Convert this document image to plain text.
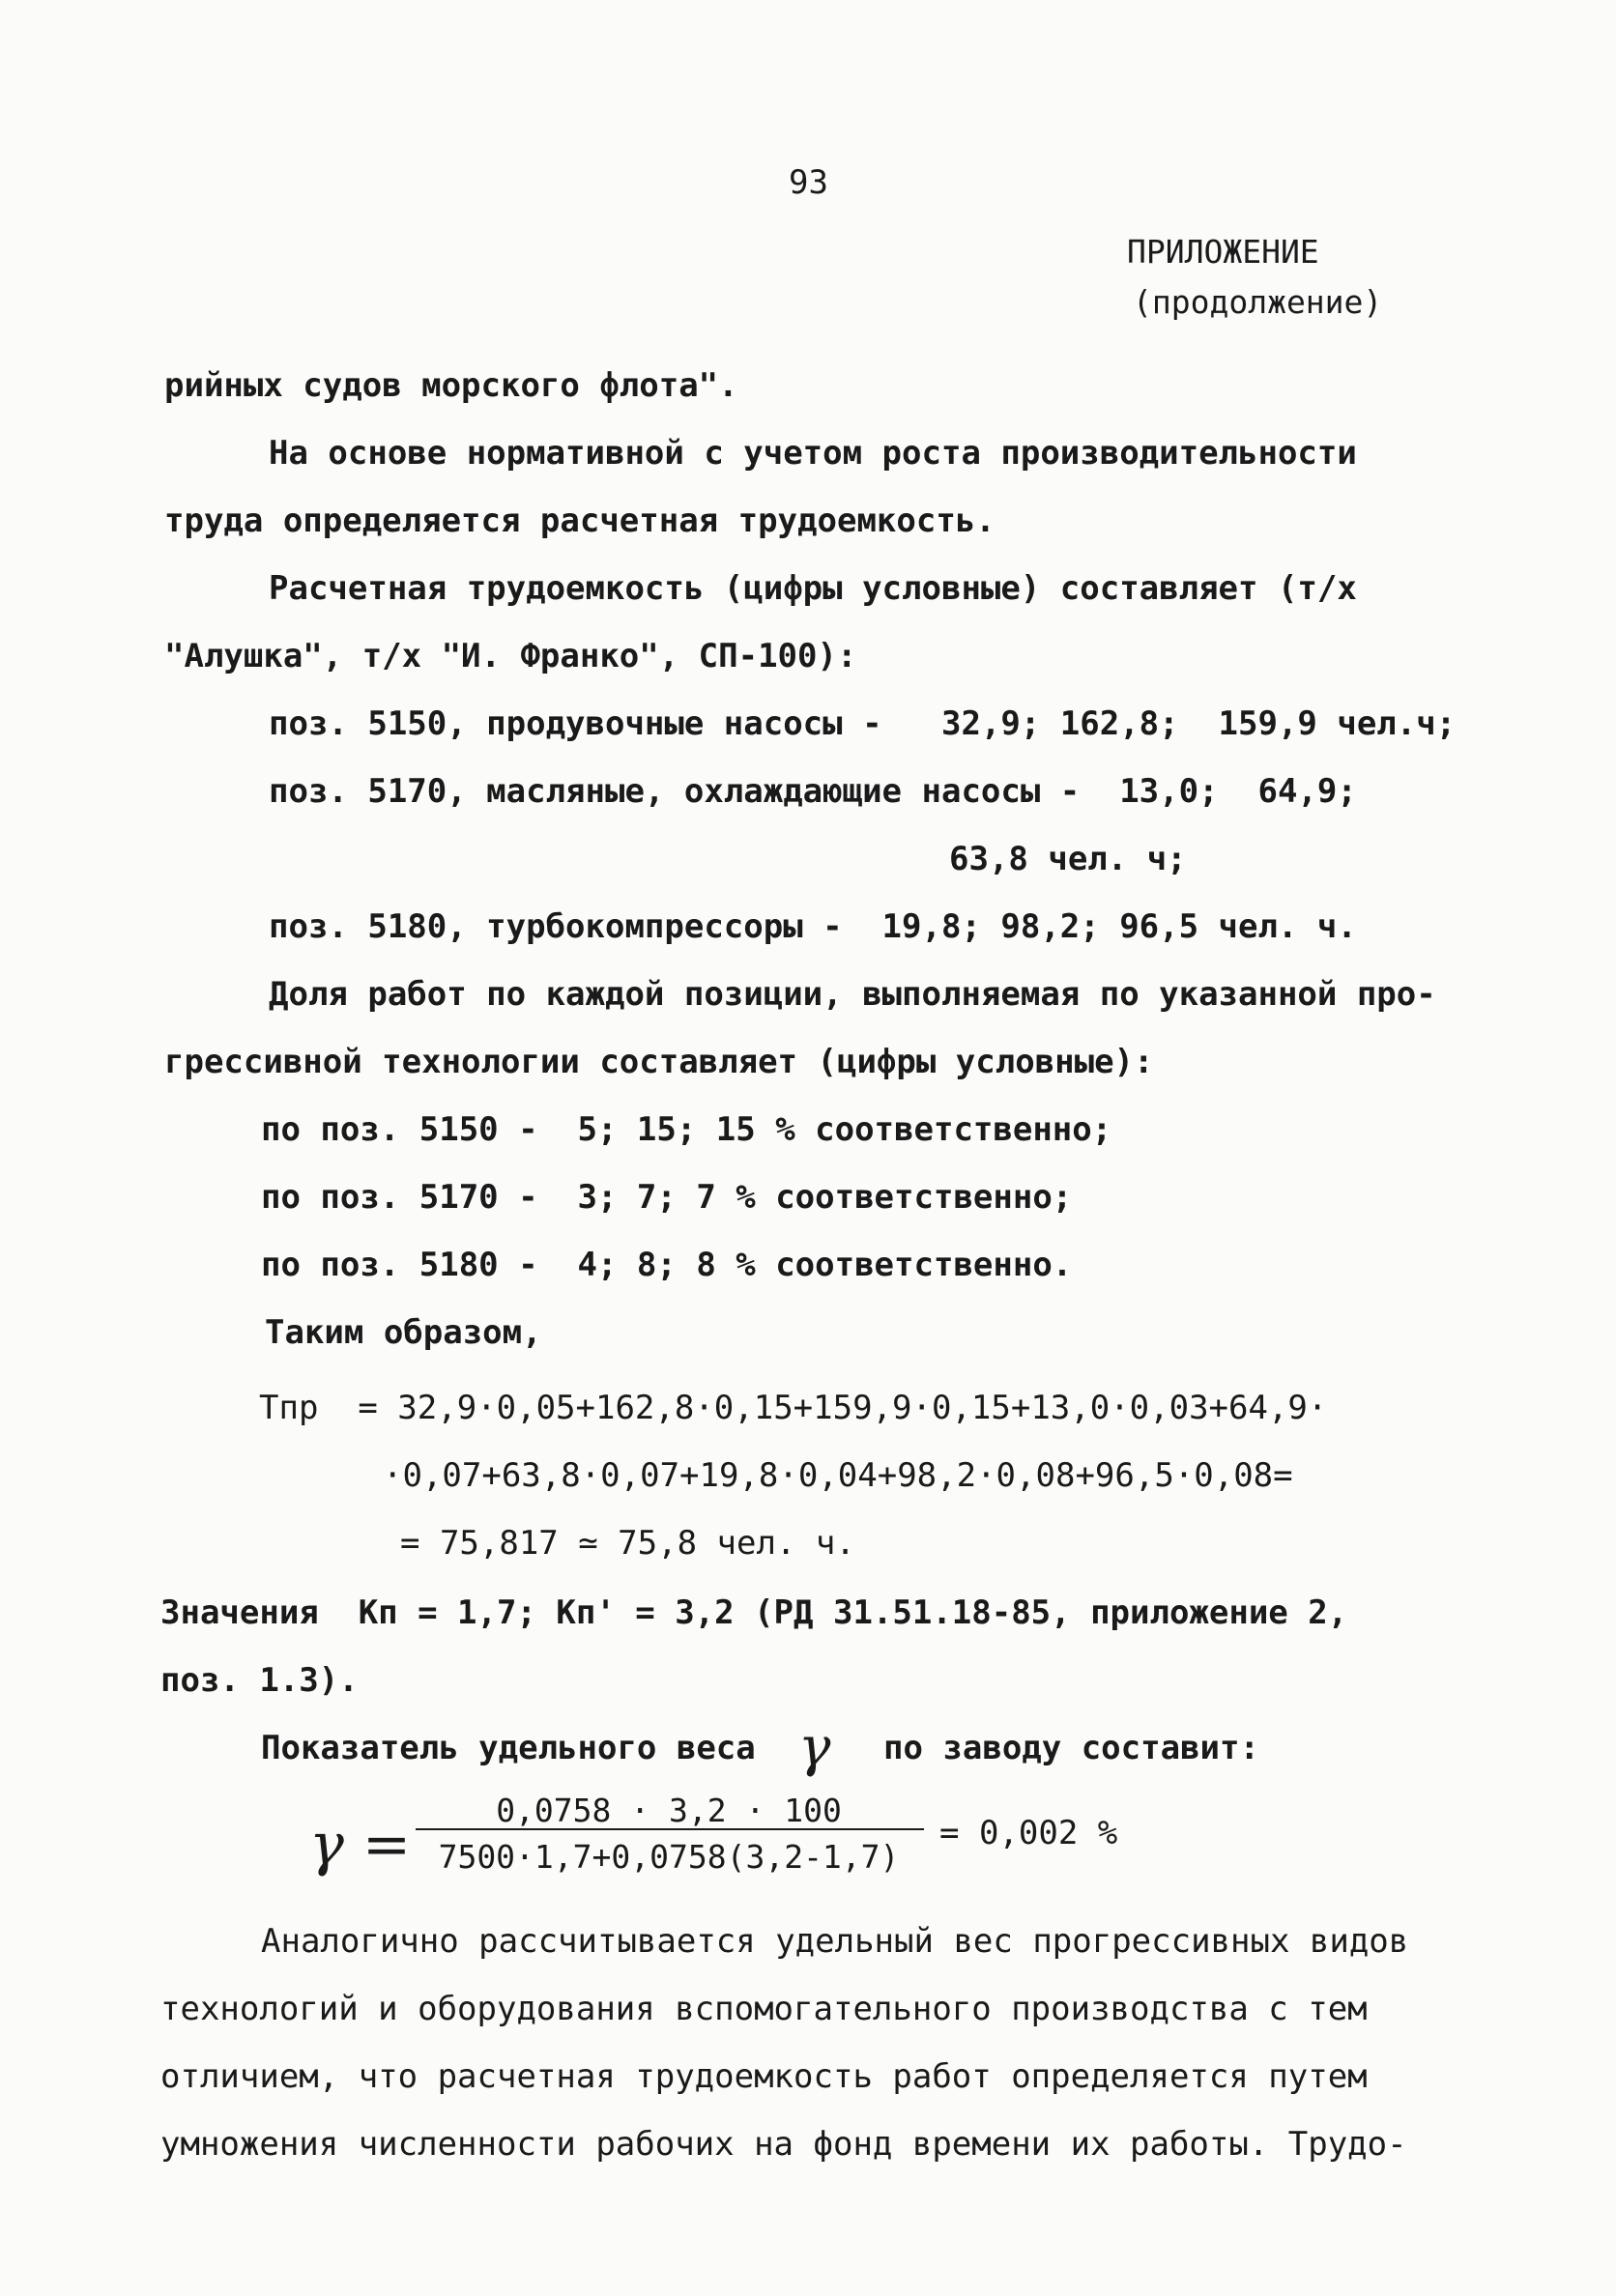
93
ПРИЛОЖЕНИЕ
(продолжение)
рийных судов морского флота".
На основе нормативной с учетом роста производительности
труда определяется расчетная трудоемкость.
Расчетная трудоемкость (цифры условные) составляет (т/х
"Алушка", т/х "И. Франко", СП-100):
поз. 5150, продувочные насосы -   32,9; 162,8;  159,9 чел.ч;
поз. 5170, масляные, охлаждающие насосы -  13,0;  64,9;
63,8 чел. ч;
поз. 5180, турбокомпрессоры -  19,8; 98,2; 96,5 чел. ч.
Доля работ по каждой позиции, выполняемая по указанной про-
грессивной технологии составляет (цифры условные):
по поз. 5150 -  5; 15; 15 % соответственно;
по поз. 5170 -  3; 7; 7 % соответственно;
по поз. 5180 -  4; 8; 8 % соответственно.
Таким образом,
Тпр  = 32,9·0,05+162,8·0,15+159,9·0,15+13,0·0,03+64,9·
·0,07+63,8·0,07+19,8·0,04+98,2·0,08+96,5·0,08=
= 75,817 ≃ 75,8 чел. ч.
Значения  Кп = 1,7; Кп' = 3,2 (РД 31.51.18-85, приложение 2,
поз. 1.3).
Показатель удельного веса γ по заводу составит:
γ =
0,0758 · 3,2 · 100
7500·1,7+0,0758(3,2-1,7)
= 0,002 %
Аналогично рассчитывается удельный вес прогрессивных видов
технологий и оборудования вспомогательного производства с тем
отличием, что расчетная трудоемкость работ определяется путем
умножения численности рабочих на фонд времени их работы. Трудо-
